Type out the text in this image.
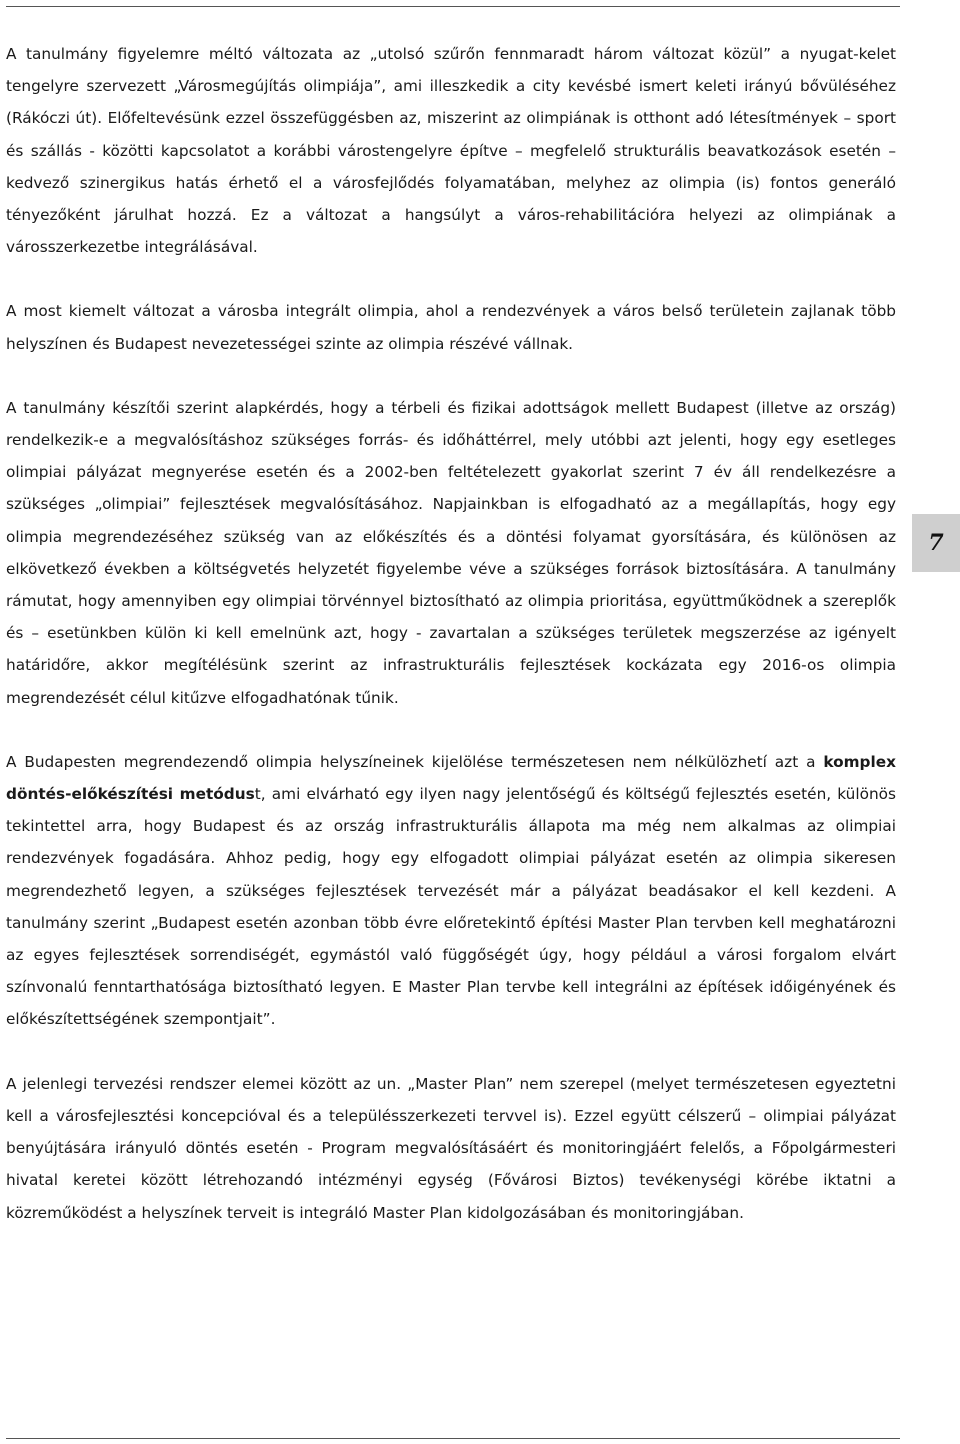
A tanulmány figyelemre méltó változata az „utolsó szűrőn fennmaradt három változat közül” a nyugat-kelet tengelyre szervezett „Városmegújítás olimpiája”, ami illeszkedik a city kevésbé ismert keleti irányú bővüléséhez (Rákóczi út). Előfeltevésünk ezzel összefüggésben az, miszerint az olimpiának is otthont adó létesítmények – sport és szállás - közötti kapcsolatot a korábbi várostengelyre építve – megfelelő strukturális beavatkozások esetén – kedvező szinergikus hatás érhető el a városfejlődés folyamatában, melyhez az olimpia (is) fontos generáló tényezőként járulhat hozzá. Ez a változat a hangsúlyt a város-rehabilitációra helyezi az olimpiának a városszerkezetbe integrálásával.

A most kiemelt változat a városba integrált olimpia, ahol a rendezvények a város belső területein zajlanak több helyszínen és Budapest nevezetességei szinte az olimpia részévé vállnak.

A tanulmány készítői szerint alapkérdés, hogy a térbeli és fizikai adottságok mellett Budapest (illetve az ország) rendelkezik-e a megvalósításhoz szükséges forrás- és időháttérrel, mely utóbbi azt jelenti, hogy egy esetleges olimpiai pályázat megnyerése esetén és a 2002-ben feltételezett gyakorlat szerint 7 év áll rendelkezésre a szükséges „olimpiai” fejlesztések megvalósításához. Napjainkban is elfogadható az a megállapítás, hogy egy olimpia megrendezéséhez szükség van az előkészítés és a döntési folyamat gyorsítására, és különösen az elkövetkező években a költségvetés helyzetét figyelembe véve a szükséges források biztosítására. A tanulmány rámutat, hogy amennyiben egy olimpiai törvénnyel biztosítható az olimpia prioritása, együttműködnek a szereplők és – esetünkben külön ki kell emelnünk azt, hogy - zavartalan a szükséges területek megszerzése az igényelt határidőre, akkor megítélésünk szerint az infrastrukturális fejlesztések kockázata egy 2016-os olimpia megrendezését célul kitűzve elfogadhatónak tűnik.

A Budapesten megrendezendő olimpia helyszíneinek kijelölése természetesen nem nélkülözhetí azt a komplex döntés-előkészítési metódust, ami elvárható egy ilyen nagy jelentőségű és költségű fejlesztés esetén, különös tekintettel arra, hogy Budapest és az ország infrastrukturális állapota ma még nem alkalmas az olimpiai rendezvények fogadására. Ahhoz pedig, hogy egy elfogadott olimpiai pályázat esetén az olimpia sikeresen megrendezhető legyen, a szükséges fejlesztések tervezését már a pályázat beadásakor el kell kezdeni. A tanulmány szerint „Budapest esetén azonban több évre előretekintő építési Master Plan tervben kell meghatározni az egyes fejlesztések sorrendiségét, egymástól való függőségét úgy, hogy például a városi forgalom elvárt színvonalú fenntarthatósága biztosítható legyen. E Master Plan tervbe kell integrálni az építések időigényének és előkészítettségének szempontjait”.

A jelenlegi tervezési rendszer elemei között az un. „Master Plan” nem szerepel (melyet természetesen egyeztetni kell a városfejlesztési koncepcióval és a településszerkezeti tervvel is). Ezzel együtt célszerű – olimpiai pályázat benyújtására irányuló döntés esetén - Program megvalósításáért és monitoringjáért felelős, a Főpolgármesteri hivatal keretei között létrehozandó intézményi egység (Fővárosi Biztos) tevékenységi körébe iktatni a közreműködést a helyszínek terveit is integráló Master Plan kidolgozásában és monitoringjában.

7
